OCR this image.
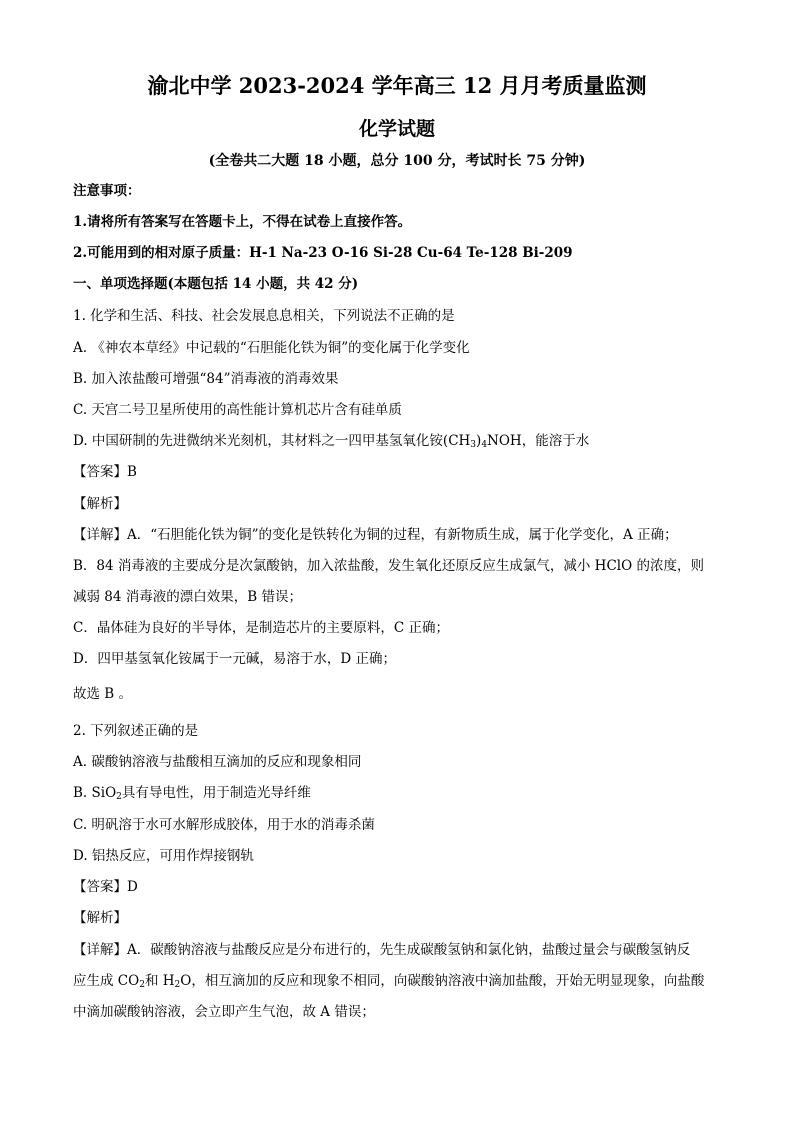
渝北中学 2023-2024 学年高三 12 月月考质量监测
化学试题
(全卷共二大题 18 小题，总分 100 分，考试时长 75 分钟)
注意事项：
1.请将所有答案写在答题卡上，不得在试卷上直接作答。
2.可能用到的相对原子质量：H-1 Na-23 O-16 Si-28 Cu-64 Te-128 Bi-209
一、单项选择题(本题包括 14 小题，共 42 分)
1. 化学和生活、科技、社会发展息息相关，下列说法不正确的是
A. 《神农本草经》中记载的“石胆能化铁为铜”的变化属于化学变化
B. 加入浓盐酸可增强“84”消毒液的消毒效果
C. 天宫二号卫星所使用的高性能计算机芯片含有硅单质
D. 中国研制的先进微纳米光刻机，其材料之一四甲基氢氧化铵$(CH_3)_4NOH$，能溶于水
【答案】B
【解析】
【详解】A．“石胆能化铁为铜”的变化是铁转化为铜的过程，有新物质生成，属于化学变化，A 正确；
B．84 消毒液的主要成分是次氯酸钠，加入浓盐酸，发生氧化还原反应生成氯气，减小 HClO 的浓度，则
减弱 84 消毒液的漂白效果，B 错误；
C．晶体硅为良好的半导体，是制造芯片的主要原料，C 正确；
D．四甲基氢氧化铵属于一元碱，易溶于水，D 正确；
故选 B 。
2. 下列叙述正确的是
A. 碳酸钠溶液与盐酸相互滴加的反应和现象相同
B. SiO$_2$具有导电性，用于制造光导纤维
C. 明矾溶于水可水解形成胶体，用于水的消毒杀菌
D. 铝热反应，可用作焊接钢轨
【答案】D
【解析】
【详解】A．碳酸钠溶液与盐酸反应是分布进行的，先生成碳酸氢钠和氯化钠，盐酸过量会与碳酸氢钠反
应生成 $CO_2$和 $H_2O$，相互滴加的反应和现象不相同，向碳酸钠溶液中滴加盐酸，开始无明显现象，向盐酸
中滴加碳酸钠溶液，会立即产生气泡，故 A 错误；
